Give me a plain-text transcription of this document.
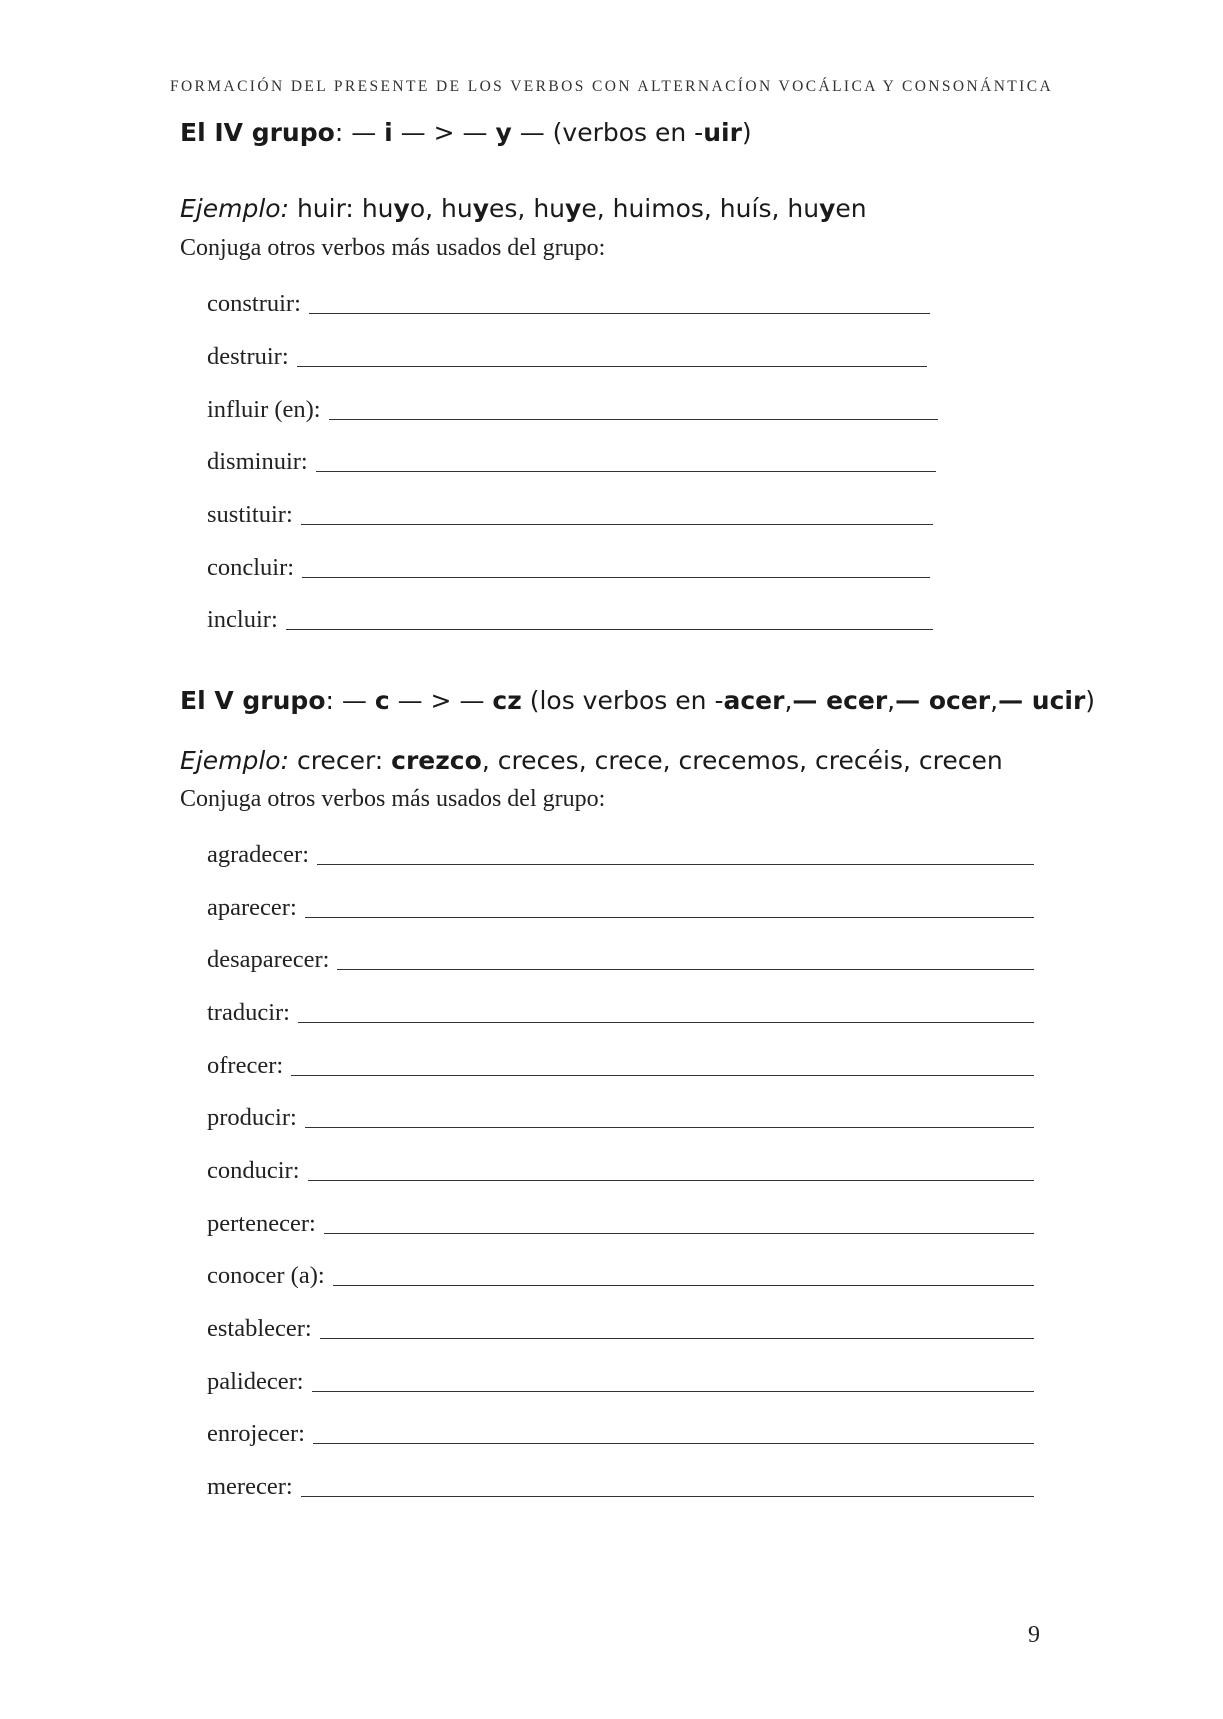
FORMACIÓN DEL PRESENTE DE LOS VERBOS CON ALTERNACÍON VOCÁLICA Y CONSONÁNTICA
El IV grupo: — i — > — y — (verbos en -uir)
Ejemplo: huir: huyo, huyes, huye, huimos, huís, huyen
Conjuga otros verbos más usados del grupo:
construir:
destruir:
influir (en):
disminuir:
sustituir:
concluir:
incluir:
El V grupo: — c — > — cz (los verbos en -acer,— ecer,— ocer,— ucir)
Ejemplo: crecer: crezco, creces, crece, crecemos, crecéis, crecen
Conjuga otros verbos más usados del grupo:
agradecer:
aparecer:
desaparecer:
traducir:
ofrecer:
producir:
conducir:
pertenecer:
conocer (a):
establecer:
palidecer:
enrojecer:
merecer:
9
